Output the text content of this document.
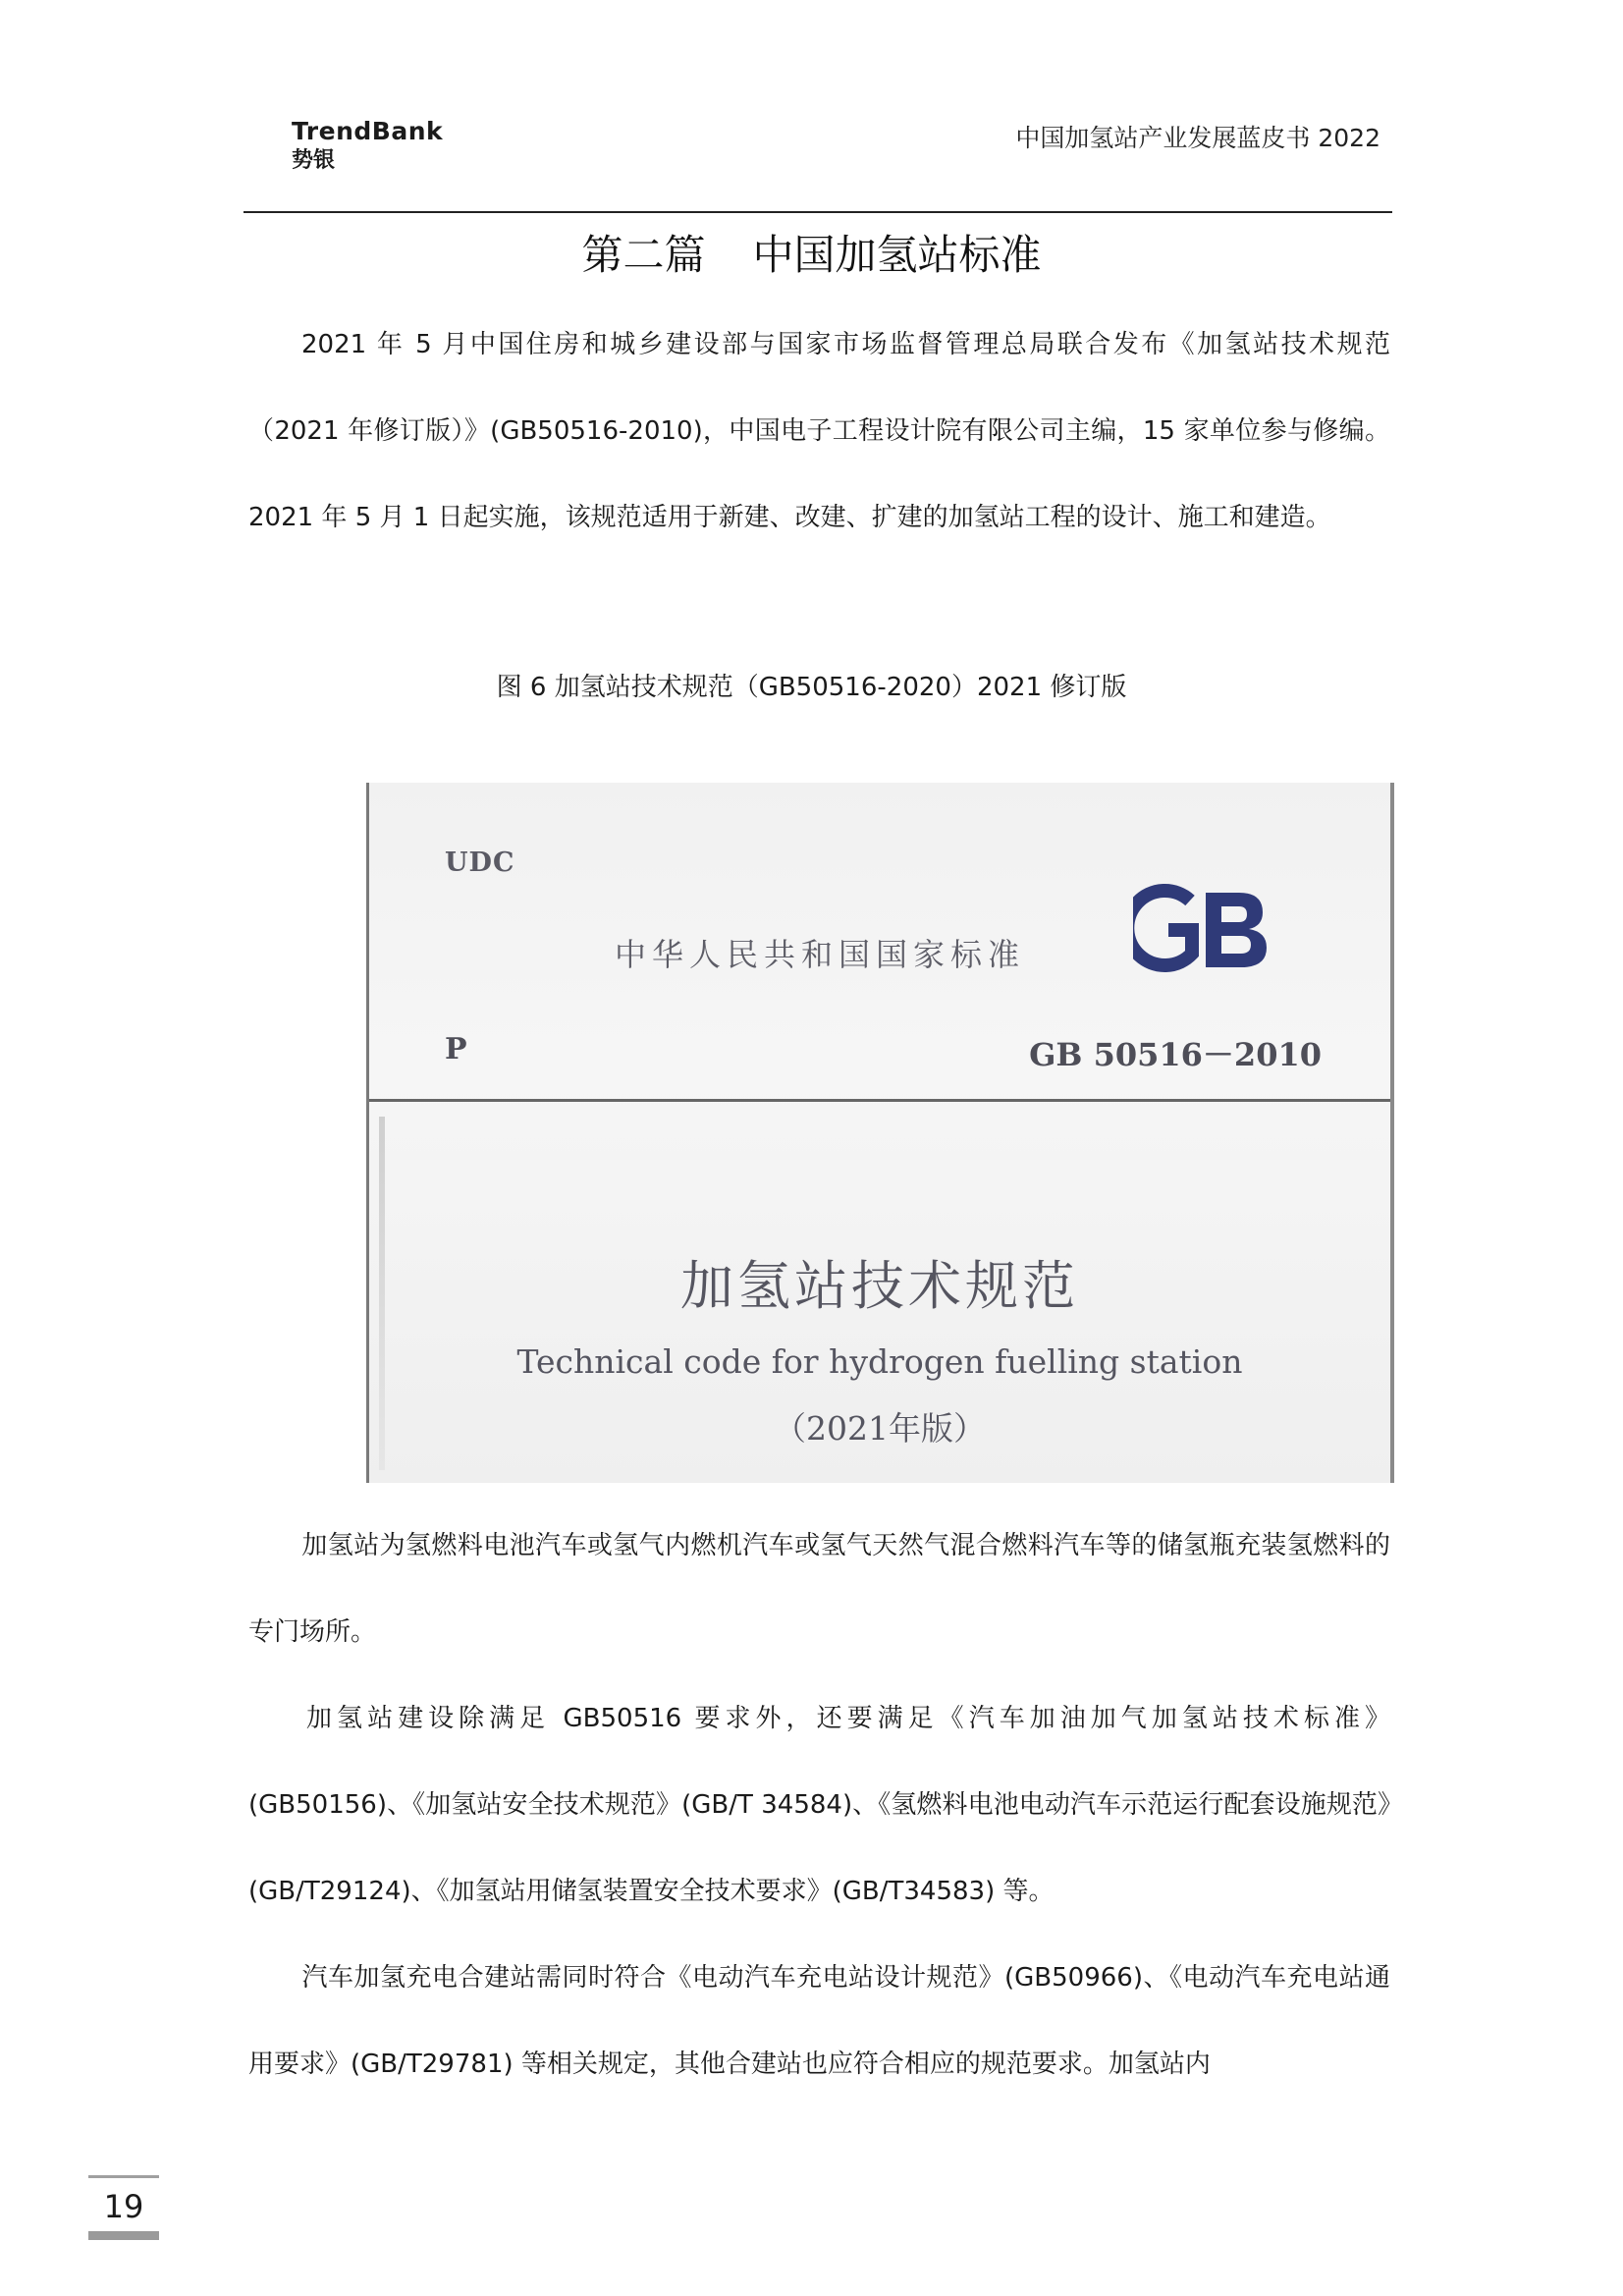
TrendBank
势银
中国加氢站产业发展蓝皮书 2022
第二篇 中国加氢站标准

2021 年 5 月中国住房和城乡建设部与国家市场监督管理总局联合发布《加氢站技术规范（2021 年修订版）》(GB50516-2010)，中国电子工程设计院有限公司主编，15 家单位参与修编。2021 年 5 月 1 日起实施，该规范适用于新建、改建、扩建的加氢站工程的设计、施工和建造。

图 6 加氢站技术规范（GB50516-2020）2021 修订版
UDC
中华人民共和国国家标准
P	GB 50516－2010
加氢站技术规范
Technical code for hydrogen fuelling station
（2021年版）

加氢站为氢燃料电池汽车或氢气内燃机汽车或氢气天然气混合燃料汽车等的储氢瓶充装氢燃料的专门场所。

加氢站建设除满足 GB50516 要求外，还要满足《汽车加油加气加氢站技术标准》(GB50156)、《加氢站安全技术规范》(GB/T 34584)、《氢燃料电池电动汽车示范运行配套设施规范》(GB/T29124)、《加氢站用储氢装置安全技术要求》(GB/T34583) 等。

汽车加氢充电合建站需同时符合《电动汽车充电站设计规范》(GB50966)、《电动汽车充电站通用要求》(GB/T29781) 等相关规定，其他合建站也应符合相应的规范要求。加氢站内

19
